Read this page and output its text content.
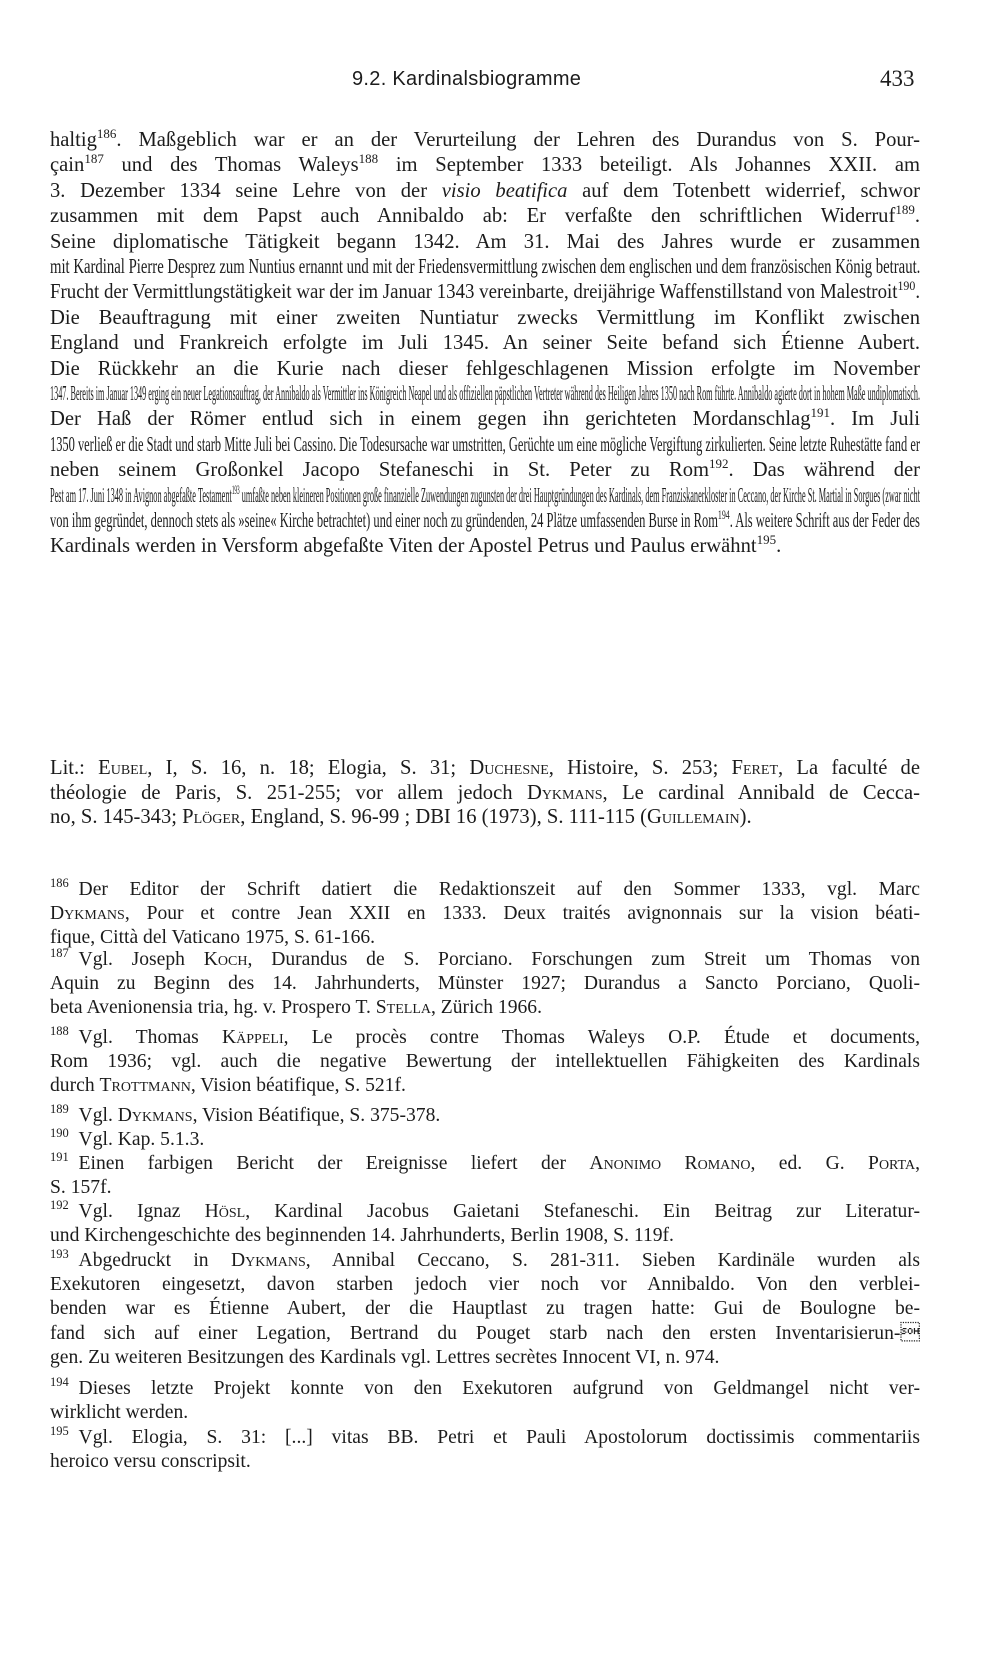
9.2. Kardinalsbiogramme	433
haltig$^{186}$. Maßgeblich war er an der Verurteilung der Lehren des Durandus von S. Pour-
çain$^{187}$ und des Thomas Waleys$^{188}$ im September 1333 beteiligt. Als Johannes XXII. am
3. Dezember 1334 seine Lehre von der visio beatifica auf dem Totenbett widerrief, schwor
zusammen mit dem Papst auch Annibaldo ab: Er verfaßte den schriftlichen Widerruf$^{189}$.
Seine diplomatische Tätigkeit begann 1342. Am 31. Mai des Jahres wurde er zusammen
mit Kardinal Pierre Desprez zum Nuntius ernannt und mit der Friedensvermittlung zwischen dem englischen und dem französischen König betraut.
Frucht der Vermittlungstätigkeit war der im Januar 1343 vereinbarte, dreijährige Waffenstillstand von Malestroit$^{190}$.
Die Beauftragung mit einer zweiten Nuntiatur zwecks Vermittlung im Konflikt zwischen
England und Frankreich erfolgte im Juli 1345. An seiner Seite befand sich Étienne Aubert.
Die Rückkehr an die Kurie nach dieser fehlgeschlagenen Mission erfolgte im November
1347. Bereits im Januar 1349 erging ein neuer Legationsauftrag, der Annibaldo als Vermittler ins Königreich Neapel und als offiziellen päpstlichen Vertreter während des Heiligen Jahres 1350 nach Rom führte. Annibaldo agierte dort in hohem Maße undiplomatisch.
Der Haß der Römer entlud sich in einem gegen ihn gerichteten Mordanschlag$^{191}$. Im Juli
1350 verließ er die Stadt und starb Mitte Juli bei Cassino. Die Todesursache war umstritten, Gerüchte um eine mögliche Vergiftung zirkulierten. Seine letzte Ruhestätte fand er
neben seinem Großonkel Jacopo Stefaneschi in St. Peter zu Rom$^{192}$. Das während der
Pest am 17. Juni 1348 in Avignon abgefaßte Testament$^{193}$ umfaßte neben kleineren Positionen große finanzielle Zuwendungen zugunsten der drei Hauptgründungen des Kardinals, dem Franziskanerkloster in Ceccano, der Kirche St. Martial in Sorgues (zwar nicht
von ihm gegründet, dennoch stets als »seine« Kirche betrachtet) und einer noch zu gründenden, 24 Plätze umfassenden Burse in Rom$^{194}$. Als weitere Schrift aus der Feder des
Kardinals werden in Versform abgefaßte Viten der Apostel Petrus und Paulus erwähnt$^{195}$.
Lit.: Eubel, I, S. 16, n. 18; Elogia, S. 31; Duchesne, Histoire, S. 253; Feret, La faculté de
théologie de Paris, S. 251-255; vor allem jedoch Dykmans, Le cardinal Annibald de Cecca-
no, S. 145-343; Plöger, England, S. 96-99 ; DBI 16 (1973), S. 111-115 (Guillemain).
$^{186}$ Der Editor der Schrift datiert die Redaktionszeit auf den Sommer 1333, vgl. Marc
Dykmans, Pour et contre Jean XXII en 1333. Deux traités avignonnais sur la vision béati-
fique, Città del Vaticano 1975, S. 61-166.
$^{187}$ Vgl. Joseph Koch, Durandus de S. Porciano. Forschungen zum Streit um Thomas von
Aquin zu Beginn des 14. Jahrhunderts, Münster 1927; Durandus a Sancto Porciano, Quoli-
beta Avenionensia tria, hg. v. Prospero T. Stella, Zürich 1966.
$^{188}$ Vgl. Thomas Käppeli, Le procès contre Thomas Waleys O.P. Étude et documents,
Rom 1936; vgl. auch die negative Bewertung der intellektuellen Fähigkeiten des Kardinals
durch Trottmann, Vision béatifique, S. 521f.
$^{189}$ Vgl. Dykmans, Vision Béatifique, S. 375-378.
$^{190}$ Vgl. Kap. 5.1.3.
$^{191}$ Einen farbigen Bericht der Ereignisse liefert der Anonimo Romano, ed. G. Porta,
S. 157f.
$^{192}$ Vgl. Ignaz Hösl, Kardinal Jacobus Gaietani Stefaneschi. Ein Beitrag zur Literatur-
und Kirchengeschichte des beginnenden 14. Jahrhunderts, Berlin 1908, S. 119f.
$^{193}$ Abgedruckt in Dykmans, Annibal Ceccano, S. 281-311. Sieben Kardinäle wurden als
Exekutoren eingesetzt, davon starben jedoch vier noch vor Annibaldo. Von den verblei-
benden war es Étienne Aubert, der die Hauptlast zu tragen hatte: Gui de Boulogne be-
fand sich auf einer Legation, Bertrand du Pouget starb nach den ersten Inventarisierun-
gen. Zu weiteren Besitzungen des Kardinals vgl. Lettres secrètes Innocent VI, n. 974.
$^{194}$ Dieses letzte Projekt konnte von den Exekutoren aufgrund von Geldmangel nicht ver-
wirklicht werden.
$^{195}$ Vgl. Elogia, S. 31: [...] vitas BB. Petri et Pauli Apostolorum doctissimis commentariis
heroico versu conscripsit.
